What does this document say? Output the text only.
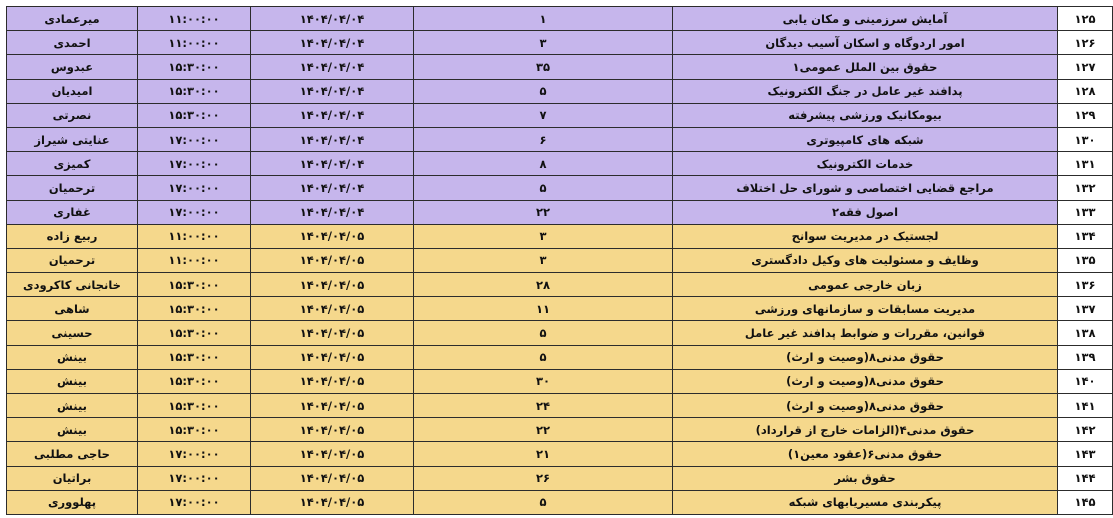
۱۲۵	آمایش سرزمینی و مکان یابی	۱	۱۴۰۴/۰۴/۰۴	۱۱:۰۰:۰۰	میرعمادی	
۱۲۶	امور اردوگاه و اسکان آسیب دیدگان	۳	۱۴۰۴/۰۴/۰۴	۱۱:۰۰:۰۰	احمدی	
۱۲۷	حقوق بین الملل عمومی۱	۳۵	۱۴۰۴/۰۴/۰۴	۱۵:۳۰:۰۰	عبدوس	
۱۲۸	پدافند غیر عامل در جنگ الکترونیک	۵	۱۴۰۴/۰۴/۰۴	۱۵:۳۰:۰۰	امیدیان	
۱۲۹	بیومکانیک ورزشی پیشرفته	۷	۱۴۰۴/۰۴/۰۴	۱۵:۳۰:۰۰	نصرتی	
۱۳۰	شبکه های کامپیوتری	۶	۱۴۰۴/۰۴/۰۴	۱۷:۰۰:۰۰	عنایتی شیراز	
۱۳۱	خدمات الکترونیک	۸	۱۴۰۴/۰۴/۰۴	۱۷:۰۰:۰۰	کمیزی	
۱۳۲	مراجع قضایی اختصاصی و شورای حل اختلاف	۵	۱۴۰۴/۰۴/۰۴	۱۷:۰۰:۰۰	ترحمیان	
۱۳۳	اصول فقه۲	۲۲	۱۴۰۴/۰۴/۰۴	۱۷:۰۰:۰۰	غفاری	
۱۳۴	لجستیک در مدیریت سوانح	۳	۱۴۰۴/۰۴/۰۵	۱۱:۰۰:۰۰	ربیع زاده	
۱۳۵	وظایف و مسئولیت های وکیل دادگستری	۳	۱۴۰۴/۰۴/۰۵	۱۱:۰۰:۰۰	ترحمیان	
۱۳۶	زبان خارجی عمومی	۲۸	۱۴۰۴/۰۴/۰۵	۱۵:۳۰:۰۰	خانجانی کاکرودی	
۱۳۷	مدیریت مسابقات و سازمانهای ورزشی	۱۱	۱۴۰۴/۰۴/۰۵	۱۵:۳۰:۰۰	شاهی	
۱۳۸	قوانین، مقررات و ضوابط پدافند غیر عامل	۵	۱۴۰۴/۰۴/۰۵	۱۵:۳۰:۰۰	حسینی	
۱۳۹	حقوق مدنی۸(وصیت و ارث)	۵	۱۴۰۴/۰۴/۰۵	۱۵:۳۰:۰۰	بینش	
۱۴۰	حقوق مدنی۸(وصیت و ارث)	۳۰	۱۴۰۴/۰۴/۰۵	۱۵:۳۰:۰۰	بینش	
۱۴۱	حقوق مدنی۸(وصیت و ارث)	۲۴	۱۴۰۴/۰۴/۰۵	۱۵:۳۰:۰۰	بینش	
۱۴۲	حقوق مدنی۴(الزامات خارج از قرارداد)	۲۲	۱۴۰۴/۰۴/۰۵	۱۵:۳۰:۰۰	بینش	
۱۴۳	حقوق مدنی۶(عقود معین۱)	۲۱	۱۴۰۴/۰۴/۰۵	۱۷:۰۰:۰۰	حاجی مطلبی	
۱۴۴	حقوق بشر	۲۶	۱۴۰۴/۰۴/۰۵	۱۷:۰۰:۰۰	براتیان	
۱۴۵	پیکربندی مسیریابهای شبکه	۵	۱۴۰۴/۰۴/۰۵	۱۷:۰۰:۰۰	پهلووری	
